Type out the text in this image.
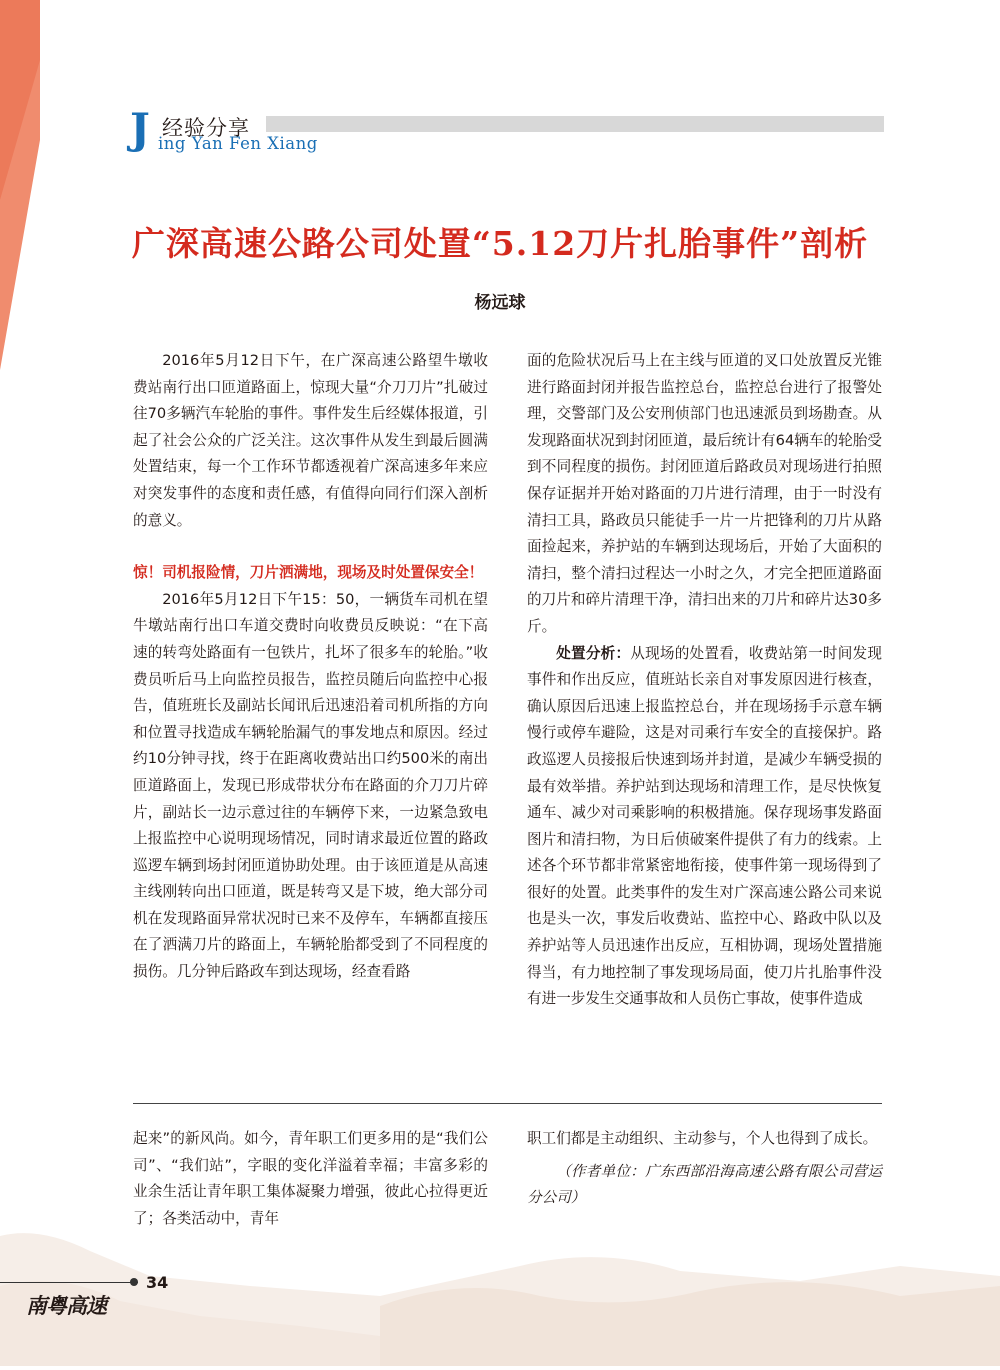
J 经验分享
ing Yan Fen Xiang
广深高速公路公司处置“5.12刀片扎胎事件”剖析
杨远球

2016年5月12日下午，在广深高速公路望牛墩收费站南行出口匝道路面上，惊现大量“介刀刀片”扎破过往70多辆汽车轮胎的事件。事件发生后经媒体报道，引起了社会公众的广泛关注。这次事件从发生到最后圆满处置结束，每一个工作环节都透视着广深高速多年来应对突发事件的态度和责任感，有值得向同行们深入剖析的意义。

惊！司机报险情，刀片洒满地，现场及时处置保安全！

2016年5月12日下午15：50，一辆货车司机在望牛墩站南行出口车道交费时向收费员反映说：“在下高速的转弯处路面有一包铁片，扎坏了很多车的轮胎。”收费员听后马上向监控员报告，监控员随后向监控中心报告，值班班长及副站长闻讯后迅速沿着司机所指的方向和位置寻找造成车辆轮胎漏气的事发地点和原因。经过约10分钟寻找，终于在距离收费站出口约500米的南出匝道路面上，发现已形成带状分布在路面的介刀刀片碎片，副站长一边示意过往的车辆停下来，一边紧急致电上报监控中心说明现场情况，同时请求最近位置的路政巡逻车辆到场封闭匝道协助处理。由于该匝道是从高速主线刚转向出口匝道，既是转弯又是下坡，绝大部分司机在发现路面异常状况时已来不及停车，车辆都直接压在了洒满刀片的路面上，车辆轮胎都受到了不同程度的损伤。几分钟后路政车到达现场，经查看路

面的危险状况后马上在主线与匝道的叉口处放置反光锥进行路面封闭并报告监控总台，监控总台进行了报警处理，交警部门及公安刑侦部门也迅速派员到场勘查。从发现路面状况到封闭匝道，最后统计有64辆车的轮胎受到不同程度的损伤。封闭匝道后路政员对现场进行拍照保存证据并开始对路面的刀片进行清理，由于一时没有清扫工具，路政员只能徒手一片一片把锋利的刀片从路面捡起来，养护站的车辆到达现场后，开始了大面积的清扫，整个清扫过程达一小时之久，才完全把匝道路面的刀片和碎片清理干净，清扫出来的刀片和碎片达30多斤。

处置分析：从现场的处置看，收费站第一时间发现事件和作出反应，值班站长亲自对事发原因进行核查，确认原因后迅速上报监控总台，并在现场扬手示意车辆慢行或停车避险，这是对司乘行车安全的直接保护。路政巡逻人员接报后快速到场并封道，是减少车辆受损的最有效举措。养护站到达现场和清理工作，是尽快恢复通车、减少对司乘影响的积极措施。保存现场事发路面图片和清扫物，为日后侦破案件提供了有力的线索。上述各个环节都非常紧密地衔接，使事件第一现场得到了很好的处置。此类事件的发生对广深高速公路公司来说也是头一次，事发后收费站、监控中心、路政中队以及养护站等人员迅速作出反应，互相协调，现场处置措施得当，有力地控制了事发现场局面，使刀片扎胎事件没有进一步发生交通事故和人员伤亡事故，使事件造成

起来”的新风尚。如今，青年职工们更多用的是“我们公司”、“我们站”，字眼的变化洋溢着幸福；丰富多彩的业余生活让青年职工集体凝聚力增强，彼此心拉得更近了；各类活动中，青年

职工们都是主动组织、主动参与，个人也得到了成长。

（作者单位：广东西部沿海高速公路有限公司营运分公司）

34
南粤高速
